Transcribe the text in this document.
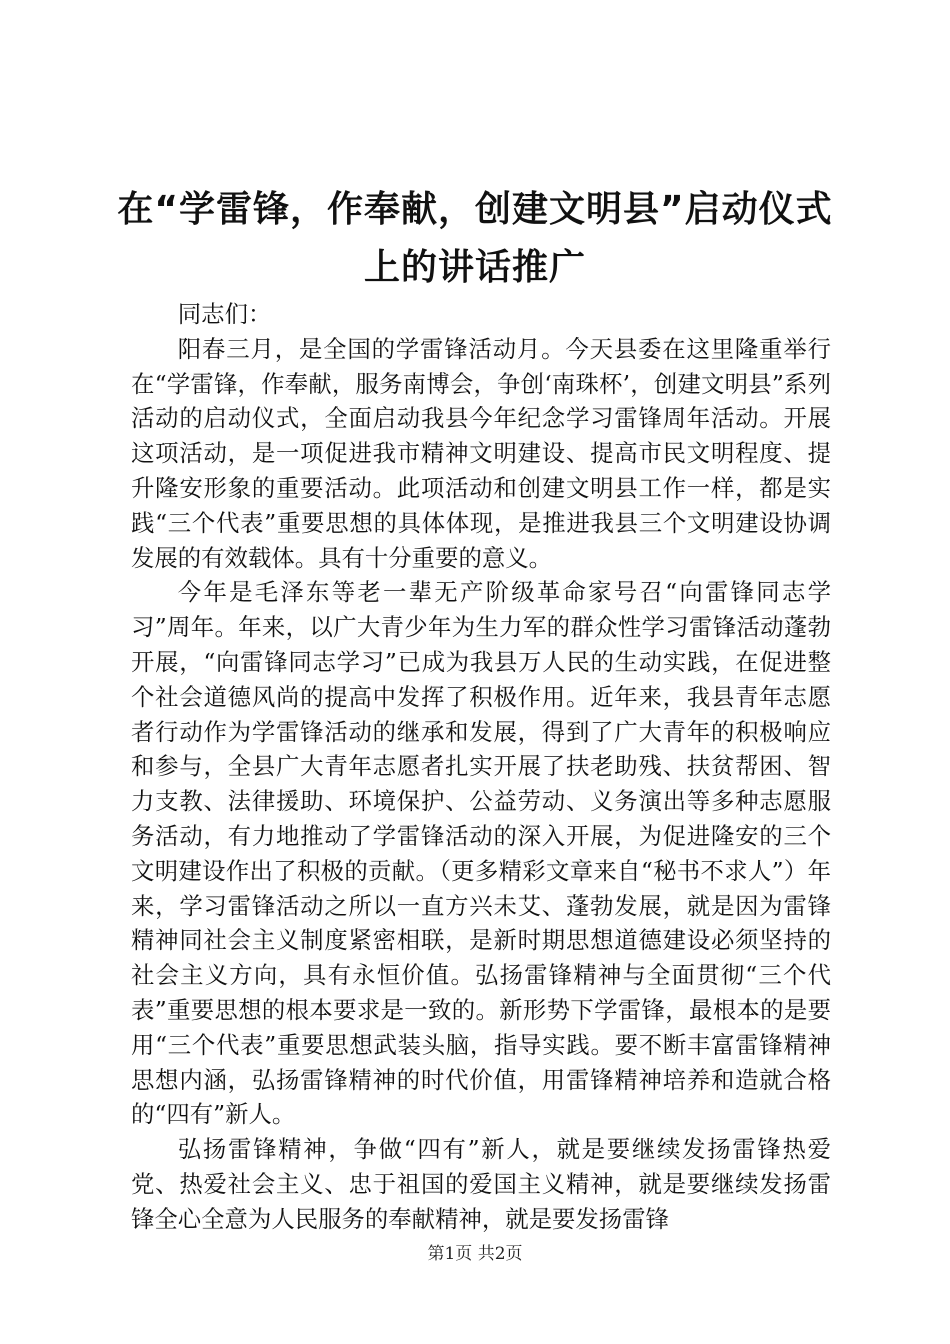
在“学雷锋，作奉献，创建文明县”启动仪式
上的讲话推广

同志们：

阳春三月，是全国的学雷锋活动月。今天县委在这里隆重举行在“学雷锋，作奉献，服务南博会，争创‘南珠杯’，创建文明县”系列活动的启动仪式，全面启动我县今年纪念学习雷锋周年活动。开展这项活动，是一项促进我市精神文明建设、提高市民文明程度、提升隆安形象的重要活动。此项活动和创建文明县工作一样，都是实践“三个代表”重要思想的具体体现，是推进我县三个文明建设协调发展的有效载体。具有十分重要的意义。

今年是毛泽东等老一辈无产阶级革命家号召“向雷锋同志学习”周年。年来，以广大青少年为生力军的群众性学习雷锋活动蓬勃开展，“向雷锋同志学习”已成为我县万人民的生动实践，在促进整个社会道德风尚的提高中发挥了积极作用。近年来，我县青年志愿者行动作为学雷锋活动的继承和发展，得到了广大青年的积极响应和参与，全县广大青年志愿者扎实开展了扶老助残、扶贫帮困、智力支教、法律援助、环境保护、公益劳动、义务演出等多种志愿服务活动，有力地推动了学雷锋活动的深入开展，为促进隆安的三个文明建设作出了积极的贡献。（更多精彩文章来自“秘书不求人”）年来，学习雷锋活动之所以一直方兴未艾、蓬勃发展，就是因为雷锋精神同社会主义制度紧密相联，是新时期思想道德建设必须坚持的社会主义方向，具有永恒价值。弘扬雷锋精神与全面贯彻“三个代表”重要思想的根本要求是一致的。新形势下学雷锋，最根本的是要用“三个代表”重要思想武装头脑，指导实践。要不断丰富雷锋精神思想内涵，弘扬雷锋精神的时代价值，用雷锋精神培养和造就合格的“四有”新人。

弘扬雷锋精神，争做“四有”新人，就是要继续发扬雷锋热爱党、热爱社会主义、忠于祖国的爱国主义精神，就是要继续发扬雷锋全心全意为人民服务的奉献精神，就是要发扬雷锋

第1页 共2页
